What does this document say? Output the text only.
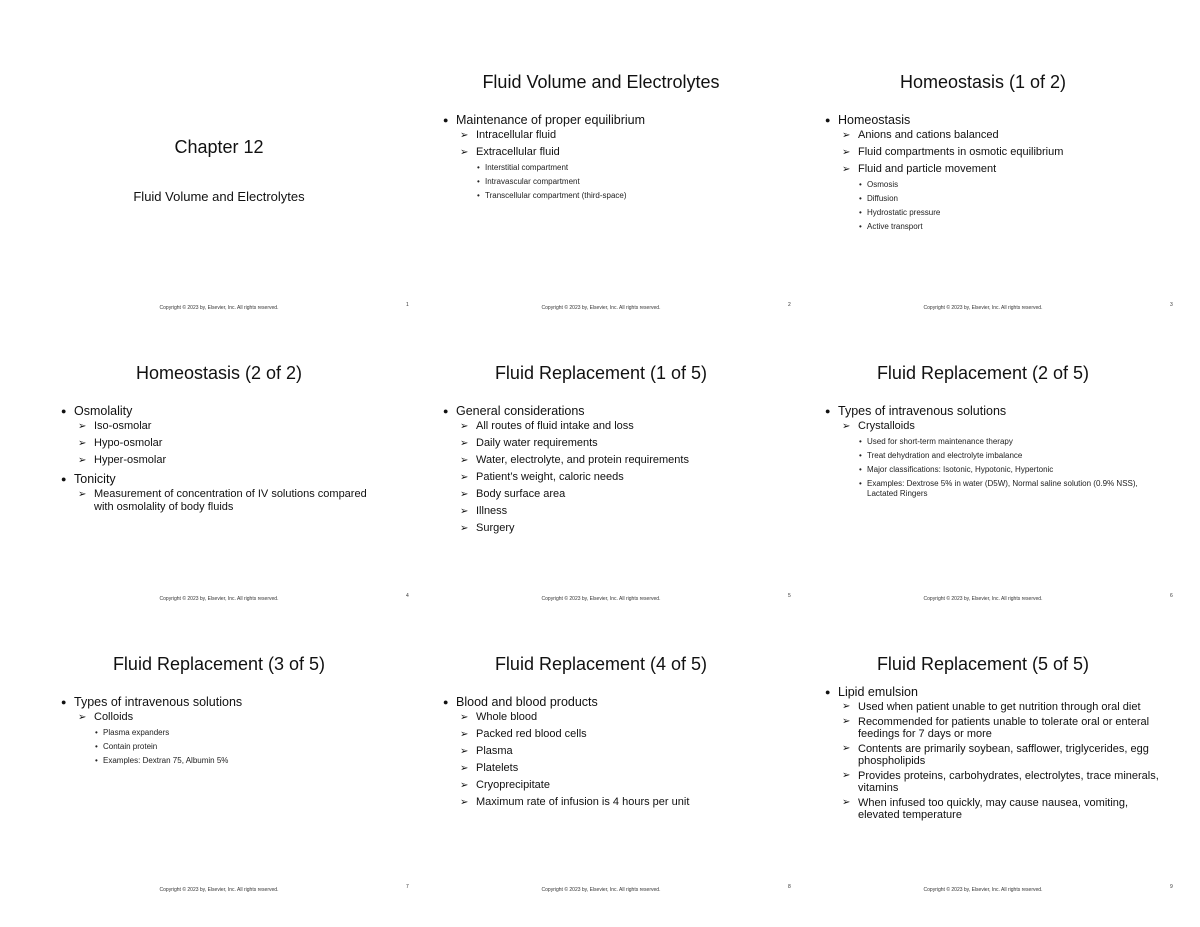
Chapter 12
Fluid Volume and Electrolytes
Copyright © 2023 by, Elsevier, Inc. All rights reserved.	1
Fluid Volume and Electrolytes
● Maintenance of proper equilibrium
➢ Intracellular fluid
➢ Extracellular fluid
• Interstitial compartment
• Intravascular compartment
• Transcellular compartment (third-space)
Copyright © 2023 by, Elsevier, Inc. All rights reserved.	2
Homeostasis (1 of 2)
● Homeostasis
➢ Anions and cations balanced
➢ Fluid compartments in osmotic equilibrium
➢ Fluid and particle movement
• Osmosis
• Diffusion
• Hydrostatic pressure
• Active transport
Copyright © 2023 by, Elsevier, Inc. All rights reserved.	3
Homeostasis (2 of 2)
● Osmolality
➢ Iso-osmolar
➢ Hypo-osmolar
➢ Hyper-osmolar
● Tonicity
➢ Measurement of concentration of IV solutions compared with osmolality of body fluids
Copyright © 2023 by, Elsevier, Inc. All rights reserved.	4
Fluid Replacement (1 of 5)
● General considerations
➢ All routes of fluid intake and loss
➢ Daily water requirements
➢ Water, electrolyte, and protein requirements
➢ Patient’s weight, caloric needs
➢ Body surface area
➢ Illness
➢ Surgery
Copyright © 2023 by, Elsevier, Inc. All rights reserved.	5
Fluid Replacement (2 of 5)
● Types of intravenous solutions
➢ Crystalloids
• Used for short-term maintenance therapy
• Treat dehydration and electrolyte imbalance
• Major classifications: Isotonic, Hypotonic, Hypertonic
• Examples: Dextrose 5% in water (D5W), Normal saline solution (0.9% NSS), Lactated Ringers
Copyright © 2023 by, Elsevier, Inc. All rights reserved.	6
Fluid Replacement (3 of 5)
● Types of intravenous solutions
➢ Colloids
• Plasma expanders
• Contain protein
• Examples: Dextran 75, Albumin 5%
Copyright © 2023 by, Elsevier, Inc. All rights reserved.	7
Fluid Replacement (4 of 5)
● Blood and blood products
➢ Whole blood
➢ Packed red blood cells
➢ Plasma
➢ Platelets
➢ Cryoprecipitate
➢ Maximum rate of infusion is 4 hours per unit
Copyright © 2023 by, Elsevier, Inc. All rights reserved.	8
Fluid Replacement (5 of 5)
● Lipid emulsion
➢ Used when patient unable to get nutrition through oral diet
➢ Recommended for patients unable to tolerate oral or enteral feedings for 7 days or more
➢ Contents are primarily soybean, safflower, triglycerides, egg phospholipids
➢ Provides proteins, carbohydrates, electrolytes, trace minerals, vitamins
➢ When infused too quickly, may cause nausea, vomiting, elevated temperature
Copyright © 2023 by, Elsevier, Inc. All rights reserved.	9
